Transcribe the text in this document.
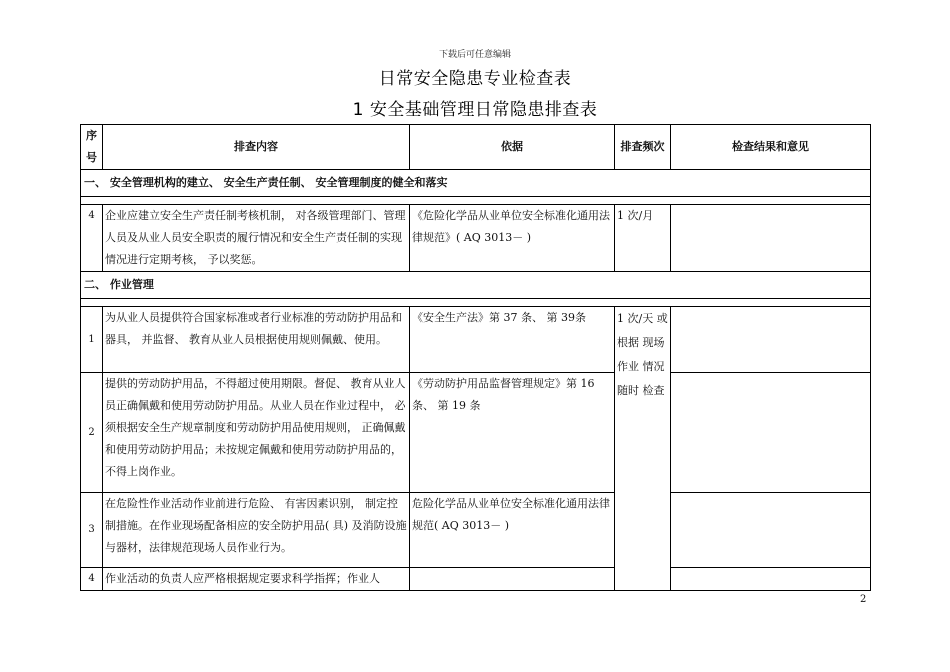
下载后可任意编辑
日常安全隐患专业检查表
1 安全基础管理日常隐患排查表
序号	排查内容	依据	排查频次	检查结果和意见
一、 安全管理机构的建立、 安全生产责任制、 安全管理制度的健全和落实				

4	企业应建立安全生产责任制考核机制， 对各级管理部门、管理人员及从业人员安全职责的履行情况和安全生产责任制的实现情况进行定期考核， 予以奖惩。	《危险化学品从业单位安全标准化通用法律规范》( AQ 3013－ )	1 次/月	
二、 作业管理				

1	为从业人员提供符合国家标准或者行业标准的劳动防护用品和器具， 并监督、 教育从业人员根据使用规则佩戴、使用。	《安全生产法》第 37 条、 第 39条	1 次/天 或根据 现场作业 情况随时 检查	
2	提供的劳动防护用品，不得超过使用期限。督促、 教育从业人员正确佩戴和使用劳动防护用品。从业人员在作业过程中， 必须根据安全生产规章制度和劳动防护用品使用规则， 正确佩戴和使用劳动防护用品；未按规定佩戴和使用劳动防护用品的， 不得上岗作业。	《劳动防护用品监督管理规定》第 16 条、 第 19 条		
3	在危险性作业活动作业前进行危险、 有害因素识别， 制定控制措施。在作业现场配备相应的安全防护用品( 具) 及消防设施与器材，法律规范现场人员作业行为。	危险化学品从业单位安全标准化通用法律规范( AQ 3013－ )		
4	作业活动的负责人应严格根据规定要求科学指挥；作业人			
2
